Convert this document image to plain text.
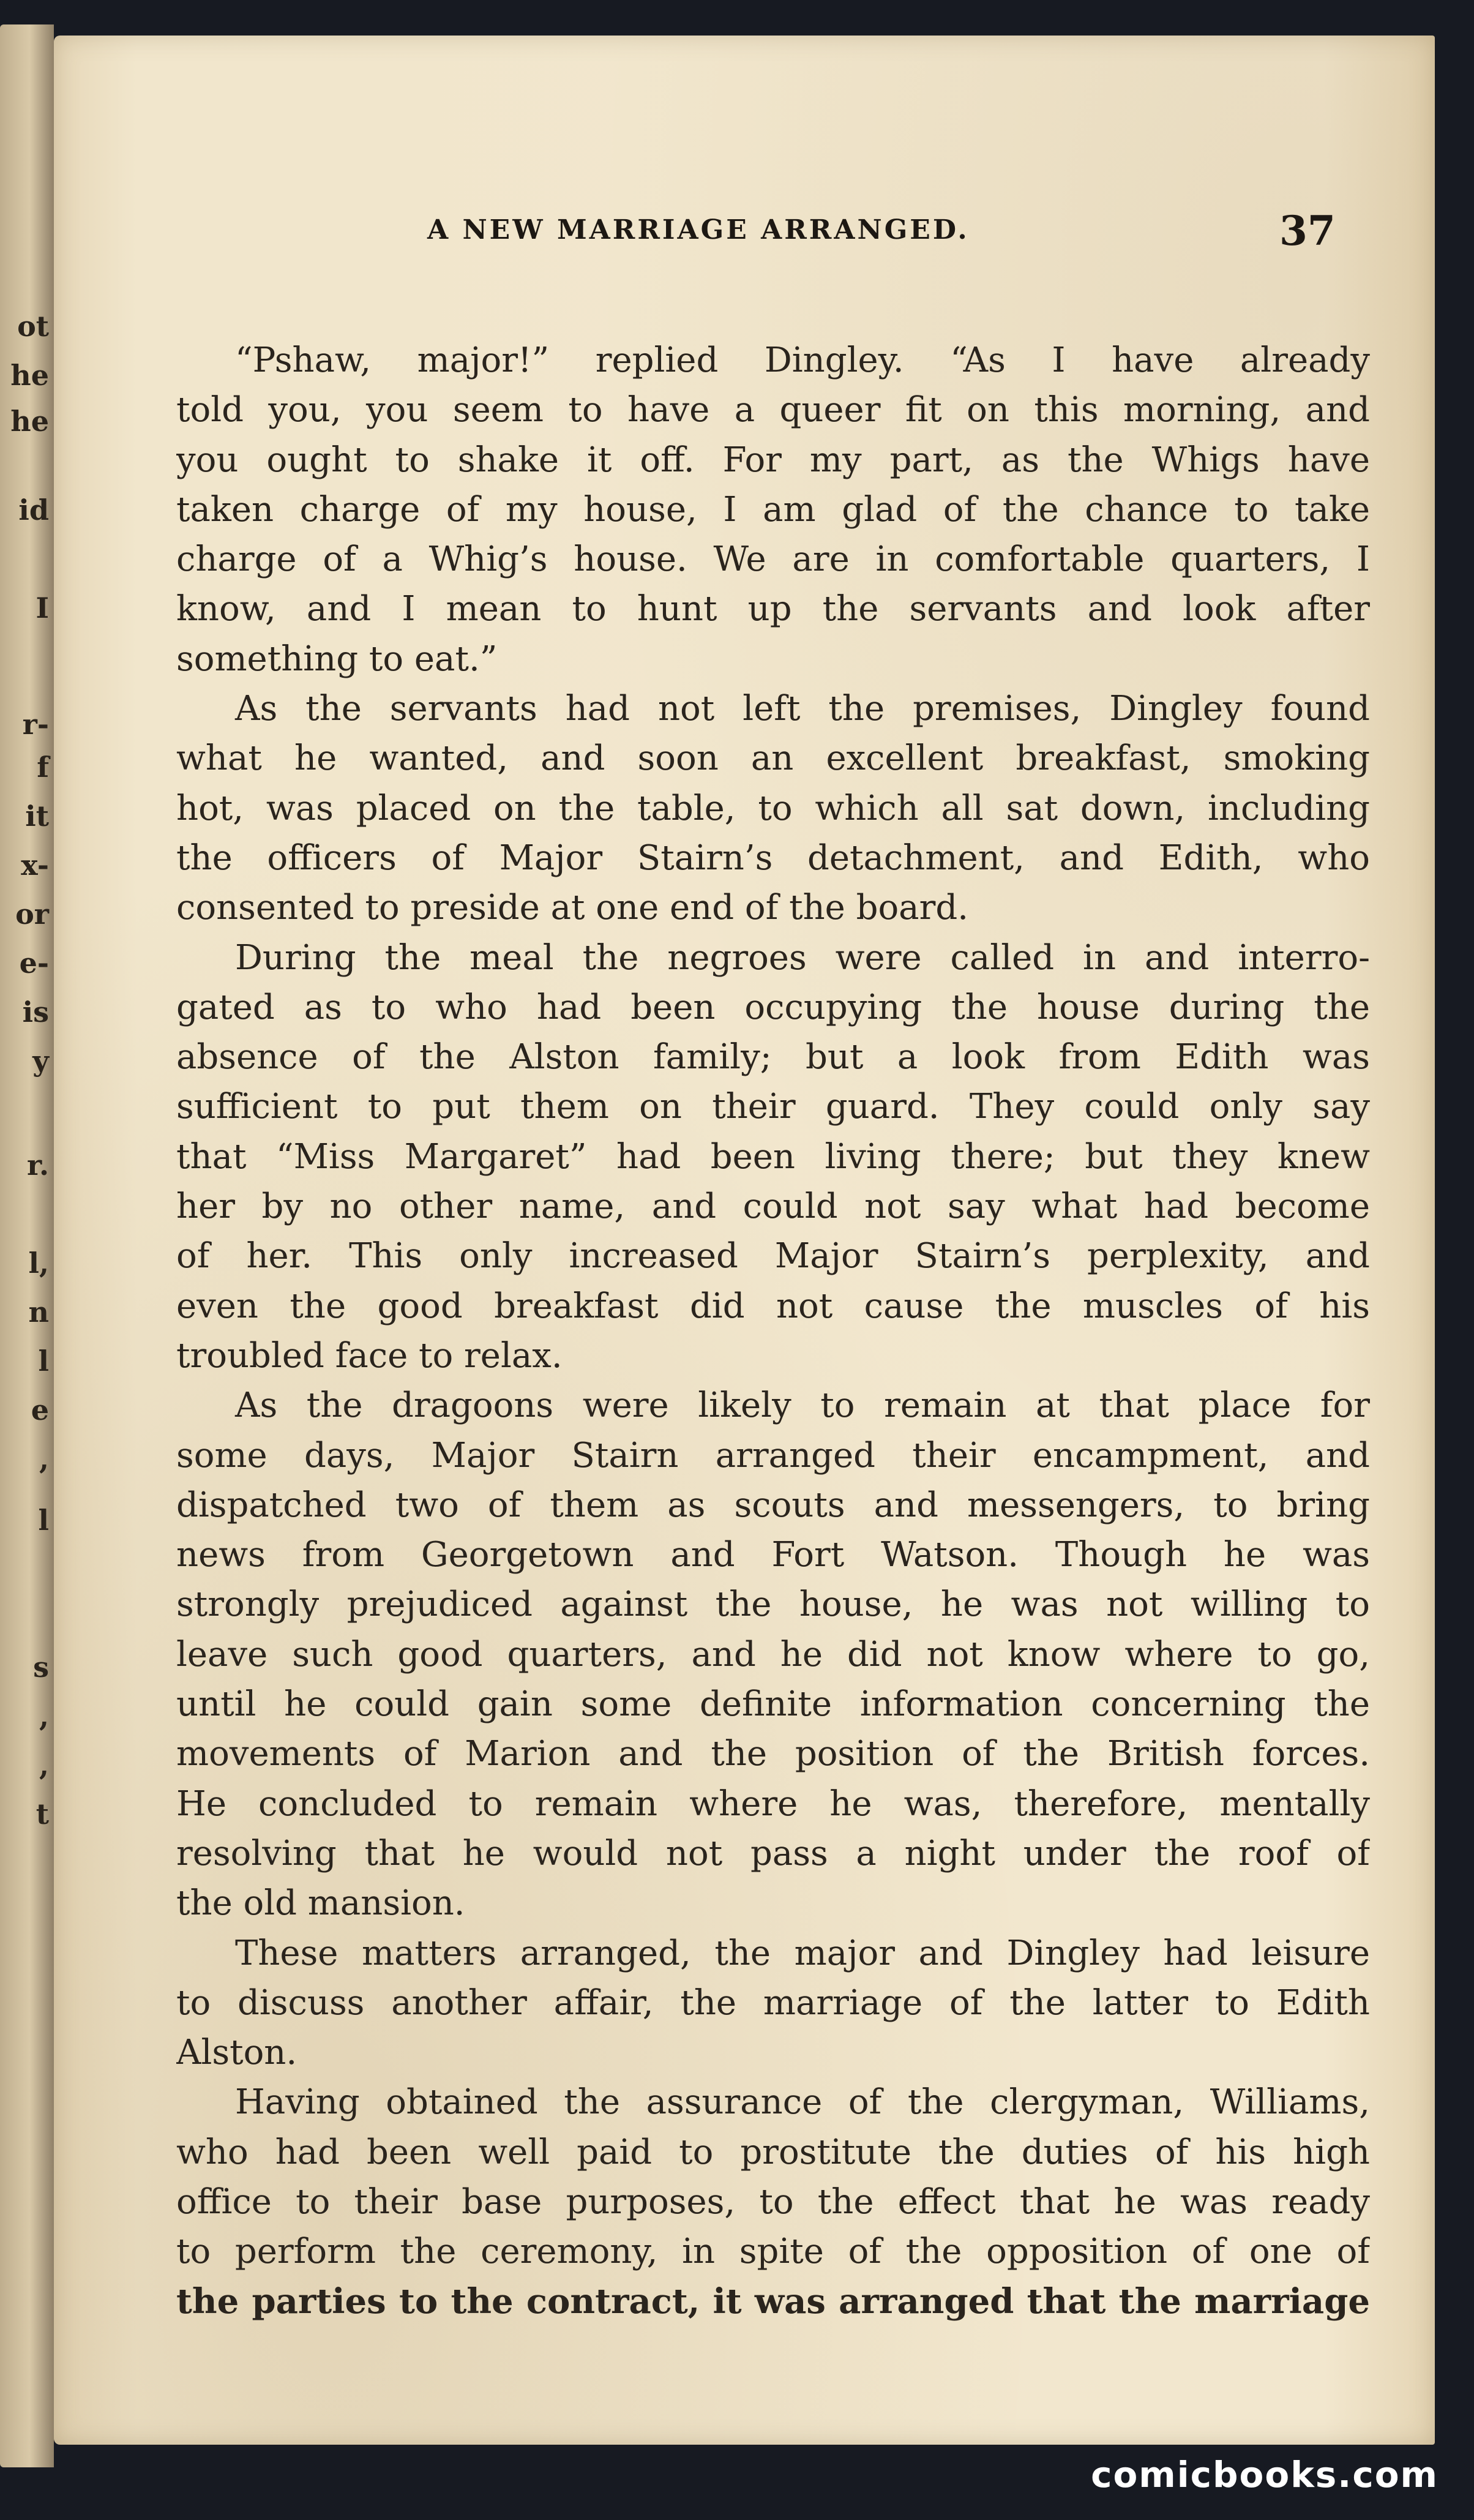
ot
he
he
id
I
r-
f
it
x-
or
e-
is
y
r.
l,
n
l
e
,
l
s
,
,
t
A NEW MARRIAGE ARRANGED.	37
“Pshaw, major!” replied Dingley. “As I have already
told you, you seem to have a queer fit on this morning, and
you ought to shake it off. For my part, as the Whigs have
taken charge of my house, I am glad of the chance to take
charge of a Whig’s house. We are in comfortable quarters, I
know, and I mean to hunt up the servants and look after
something to eat.”
As the servants had not left the premises, Dingley found
what he wanted, and soon an excellent breakfast, smoking
hot, was placed on the table, to which all sat down, including
the officers of Major Stairn’s detachment, and Edith, who
consented to preside at one end of the board.
During the meal the negroes were called in and interro-
gated as to who had been occupying the house during the
absence of the Alston family; but a look from Edith was
sufficient to put them on their guard. They could only say
that “Miss Margaret” had been living there; but they knew
her by no other name, and could not say what had become
of her. This only increased Major Stairn’s perplexity, and
even the good breakfast did not cause the muscles of his
troubled face to relax.
As the dragoons were likely to remain at that place for
some days, Major Stairn arranged their encampment, and
dispatched two of them as scouts and messengers, to bring
news from Georgetown and Fort Watson. Though he was
strongly prejudiced against the house, he was not willing to
leave such good quarters, and he did not know where to go,
until he could gain some definite information concerning the
movements of Marion and the position of the British forces.
He concluded to remain where he was, therefore, mentally
resolving that he would not pass a night under the roof of
the old mansion.
These matters arranged, the major and Dingley had leisure
to discuss another affair, the marriage of the latter to Edith
Alston.
Having obtained the assurance of the clergyman, Williams,
who had been well paid to prostitute the duties of his high
office to their base purposes, to the effect that he was ready
to perform the ceremony, in spite of the opposition of one of
the parties to the contract, it was arranged that the marriage
comicbooks.com
